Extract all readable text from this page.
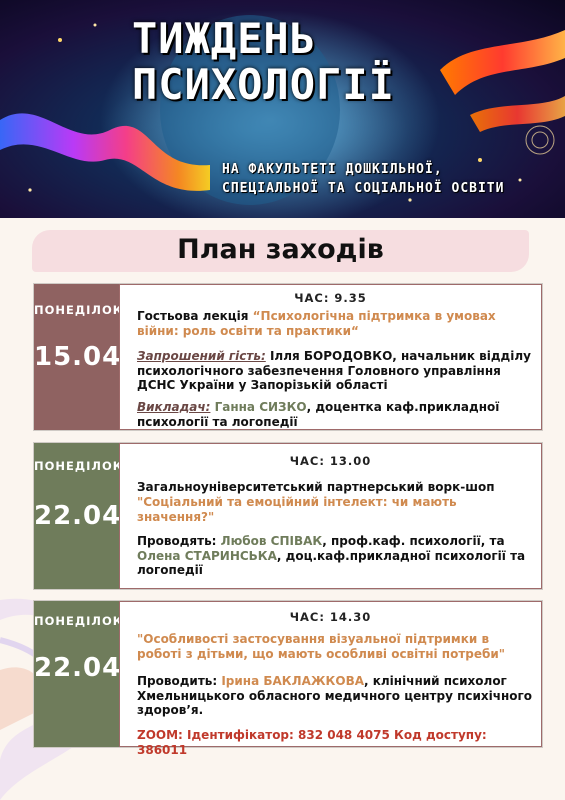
ТИЖДЕНЬ
ПСИХОЛОГІЇ
НА ФАКУЛЬТЕТІ ДОШКІЛЬНОЇ,
СПЕЦІАЛЬНОЇ ТА СОЦІАЛЬНОЇ ОСВІТИ
План заходів
ПОНЕДІЛОК
15.04
ЧАС: 9.35
Гостьова лекція “Психологічна підтримка в умовах війни: роль освіти та практики“
Запрошений гість: Ілля БОРОДОВКО, начальник відділу психологічного забезпечення Головного управління ДСНС України у Запорізькій області
Викладач: Ганна СИЗКО, доцентка каф.прикладної психології та логопедії
ПОНЕДІЛОК
22.04
ЧАС: 13.00
Загальноуніверситетський партнерський ворк-шоп
"Соціальний та емоційний інтелект: чи мають значення?"
Проводять: Любов СПІВАК, проф.каф. психології, та Олена СТАРИНСЬКА, доц.каф.прикладної психології та логопедії
ПОНЕДІЛОК
22.04
ЧАС: 14.30
"Особливості застосування візуальної підтримки в роботі з дітьми, що мають особливі освітні потреби"
Проводить: Ірина БАКЛАЖКОВА, клінічний психолог Хмельницького обласного медичного центру психічного здоров’я.
ZOOM: Ідентифікатор: 832 048 4075 Код доступу: 386011
